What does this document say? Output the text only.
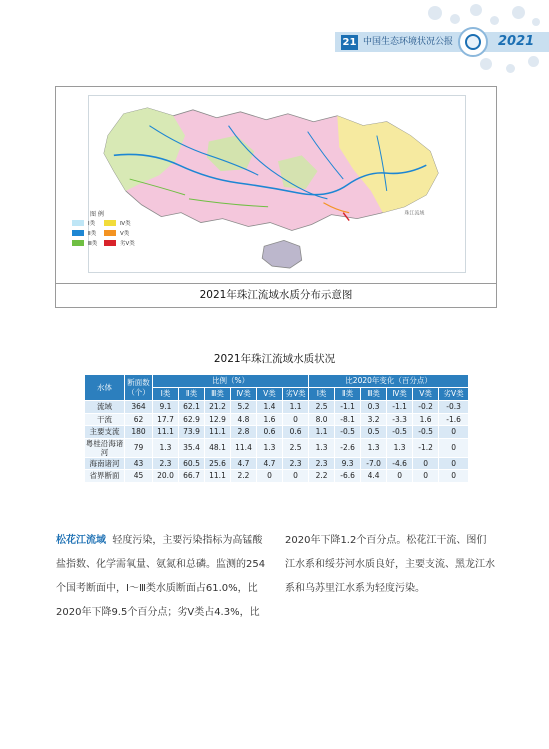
21 中国生态环境状况公报	2021
珠江流域
图 例
Ⅰ类
Ⅱ类
Ⅲ类
Ⅳ类
Ⅴ类
劣Ⅴ类
2021年珠江流域水质分布示意图
2021年珠江流域水质状况
水体	断面数（个）	比例（%）						比2020年变化（百分点）					
		Ⅰ类	Ⅱ类	Ⅲ类	Ⅳ类	Ⅴ类	劣Ⅴ类	Ⅰ类	Ⅱ类	Ⅲ类	Ⅳ类	Ⅴ类	劣Ⅴ类
流域	364	9.1	62.1	21.2	5.2	1.4	1.1	2.5	-1.1	0.3	-1.1	-0.2	-0.3
干流	62	17.7	62.9	12.9	4.8	1.6	0	8.0	-8.1	3.2	-3.3	1.6	-1.6
主要支流	180	11.1	73.9	11.1	2.8	0.6	0.6	1.1	-0.5	0.5	-0.5	-0.5	0
粤桂沿海诸河	79	1.3	35.4	48.1	11.4	1.3	2.5	1.3	-2.6	1.3	1.3	-1.2	0
海南诸河	43	2.3	60.5	25.6	4.7	4.7	2.3	2.3	9.3	-7.0	-4.6	0	0
省界断面	45	20.0	66.7	11.1	2.2	0	0	2.2	-6.6	4.4	0	0	0
松花江流域 轻度污染，主要污染指标为高锰酸盐指数、化学需氧量、氨氮和总磷。监测的254个国考断面中，Ⅰ～Ⅲ类水质断面占61.0%，比2020年下降9.5个百分点；劣Ⅴ类占4.3%，比
2020年下降1.2个百分点。松花江干流、图们江水系和绥芬河水质良好，主要支流、黑龙江水系和乌苏里江水系为轻度污染。
